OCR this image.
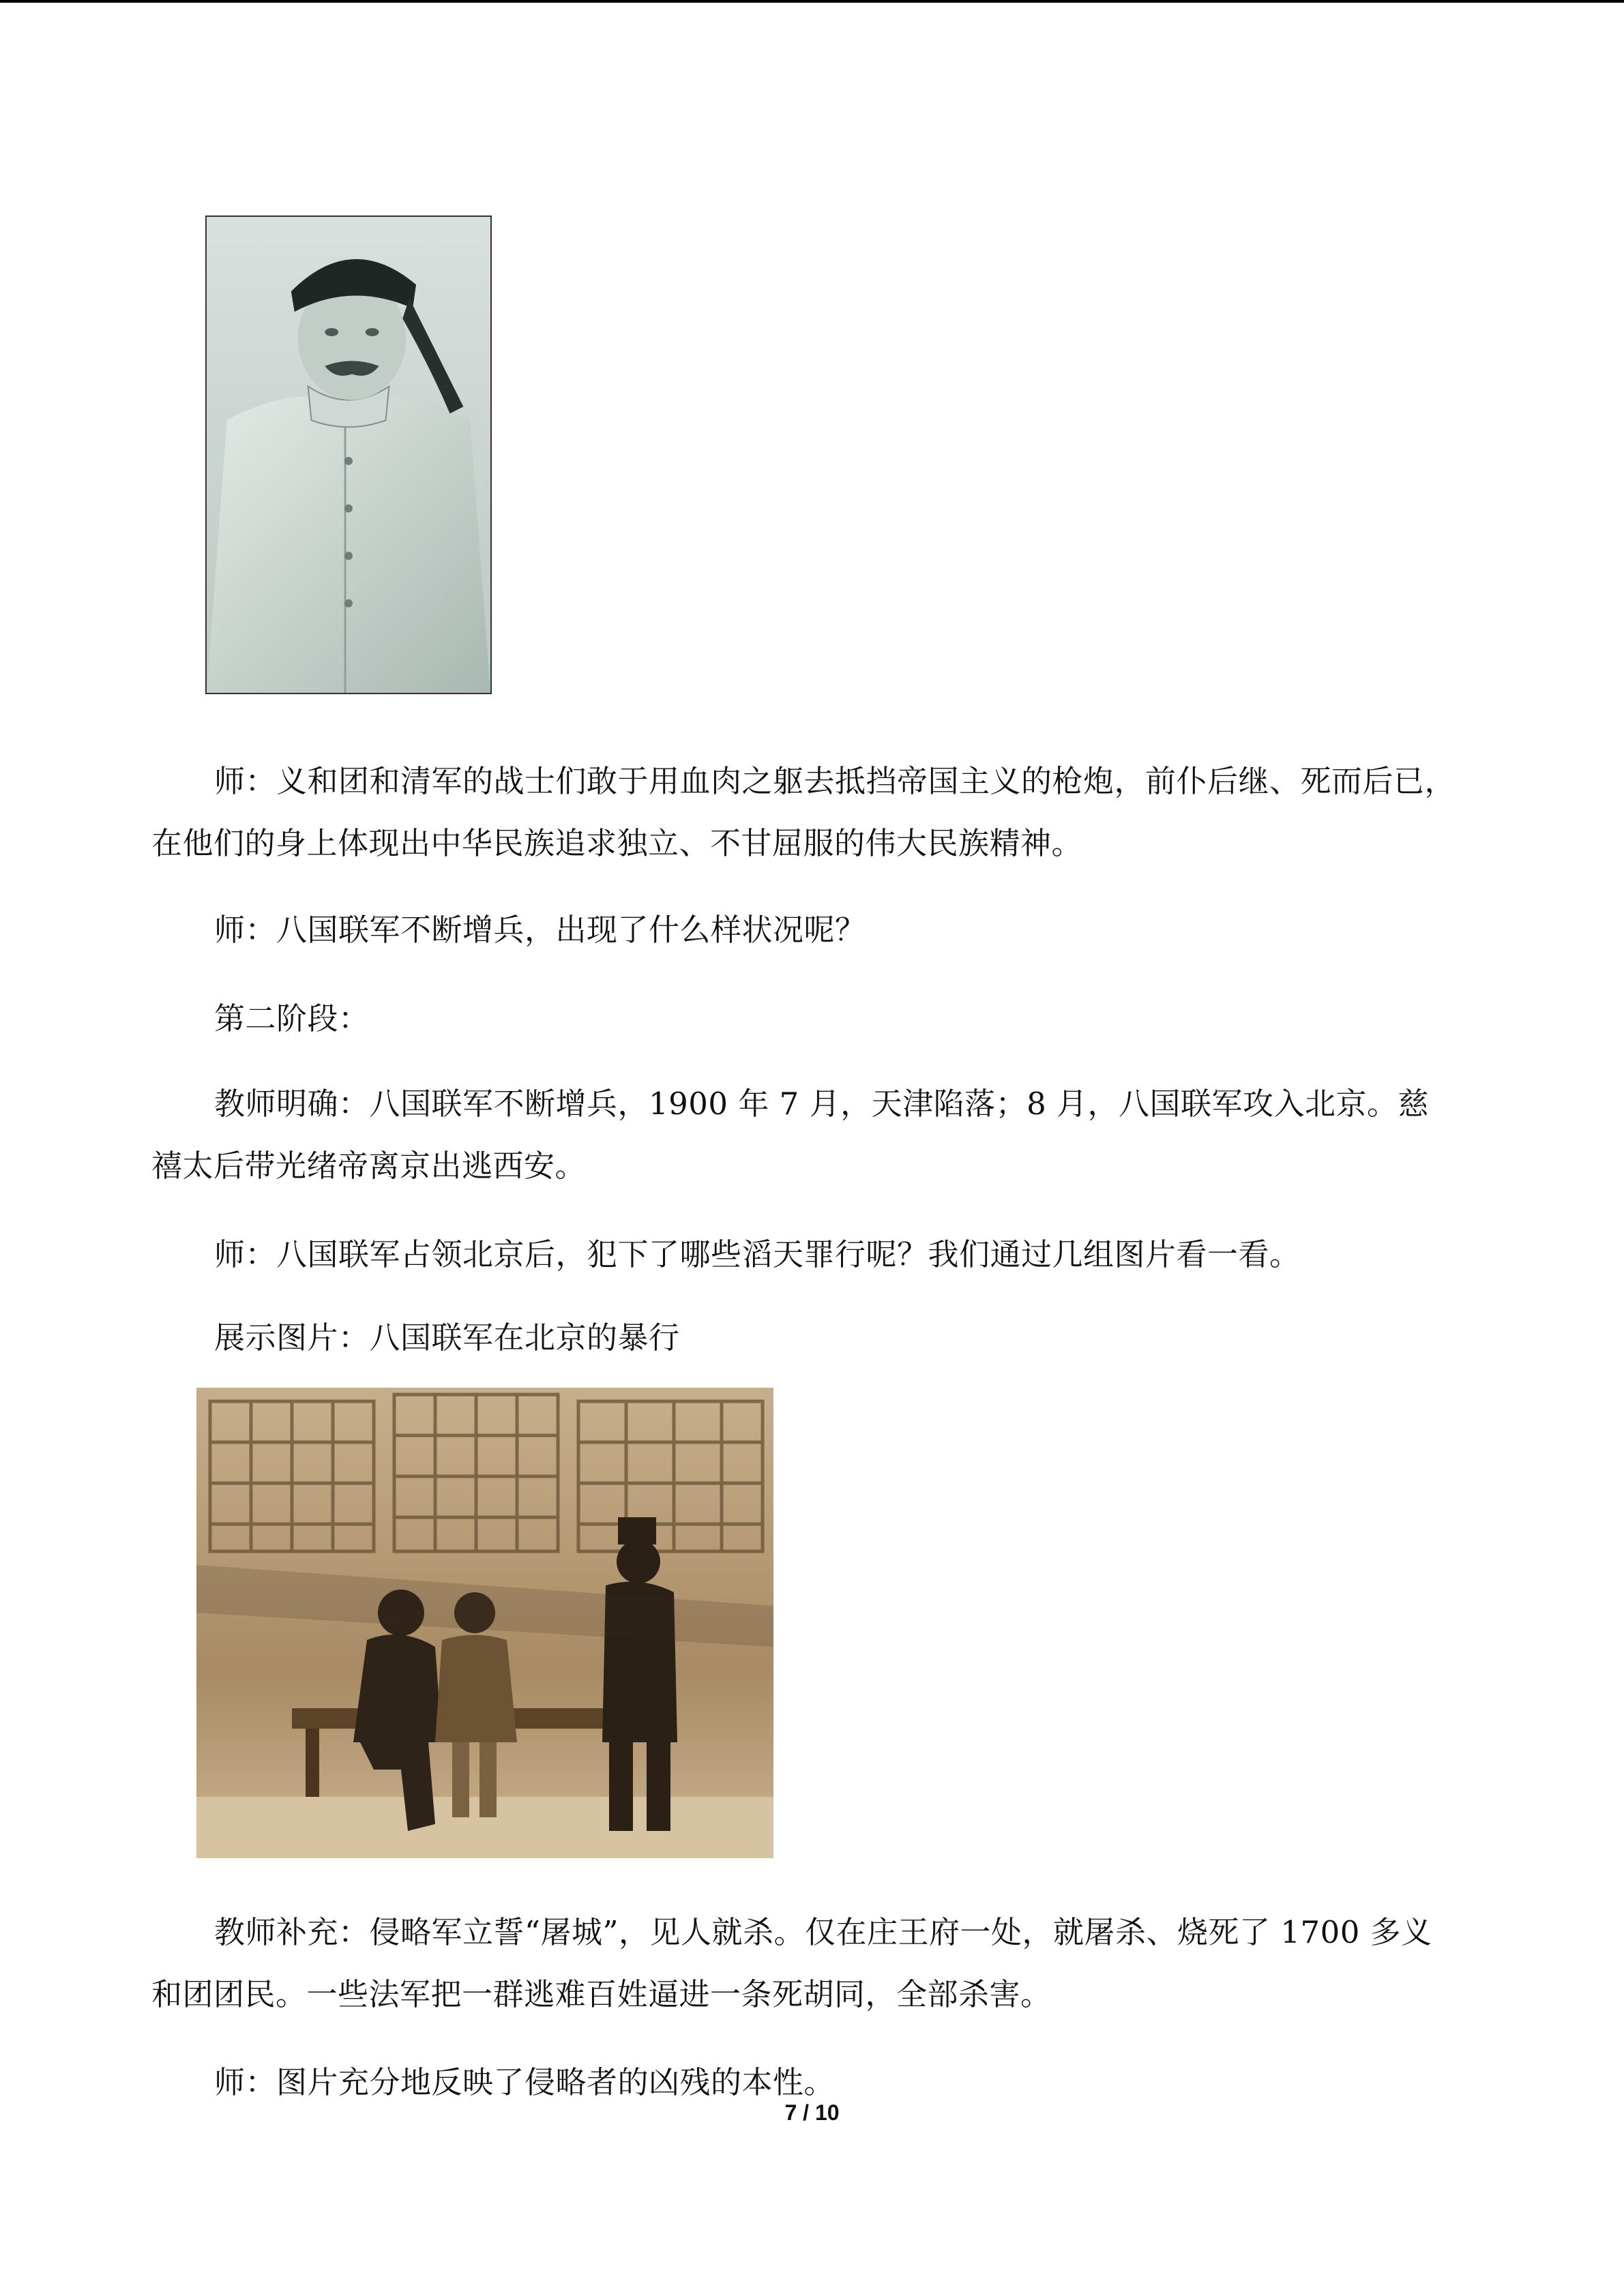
师：义和团和清军的战士们敢于用血肉之躯去抵挡帝国主义的枪炮，前仆后继、死而后已，在他们的身上体现出中华民族追求独立、不甘屈服的伟大民族精神。

师：八国联军不断增兵，出现了什么样状况呢？

第二阶段：

教师明确：八国联军不断增兵，1900 年 7 月，天津陷落；8 月，八国联军攻入北京。慈禧太后带光绪帝离京出逃西安。

师：八国联军占领北京后，犯下了哪些滔天罪行呢？我们通过几组图片看一看。

展示图片：八国联军在北京的暴行

教师补充：侵略军立誓“屠城”，见人就杀。仅在庄王府一处，就屠杀、烧死了 1700 多义和团团民。一些法军把一群逃难百姓逼进一条死胡同，全部杀害。

师：图片充分地反映了侵略者的凶残的本性。

7 / 10
